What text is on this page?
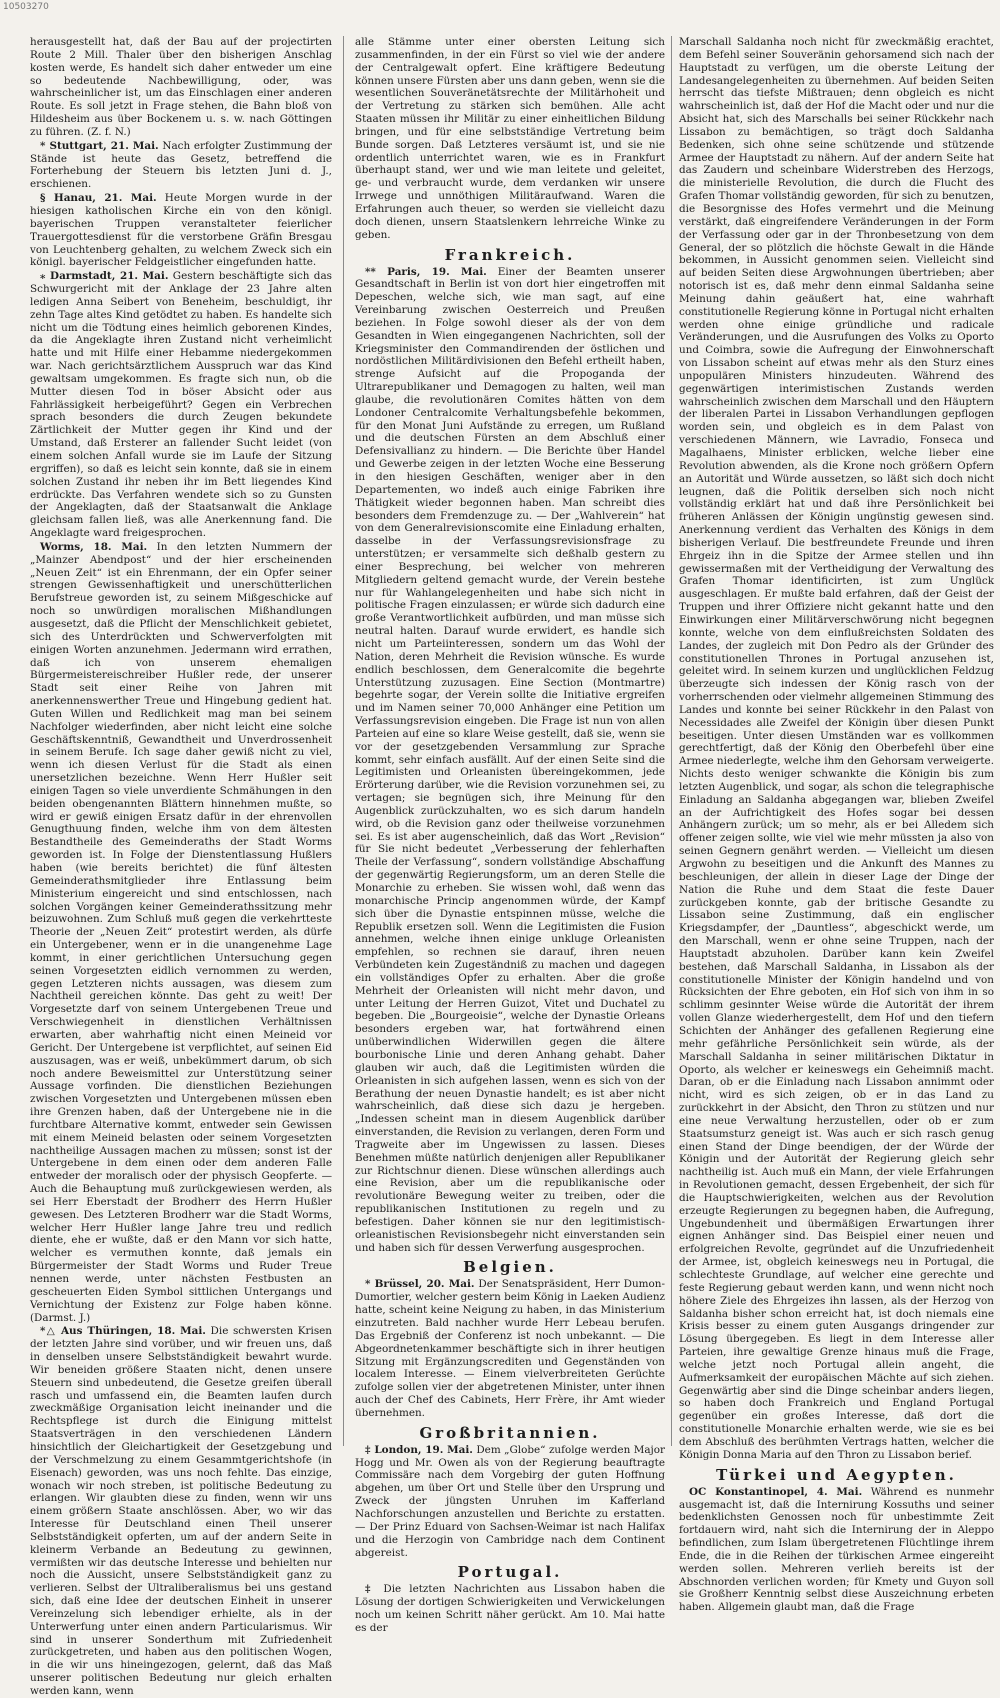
10503270

herausgestellt hat, daß der Bau auf der projectirten Route 2 Mill. Thaler über den bisherigen Anschlag kosten werde, Es handelt sich daher entweder um eine so bedeutende Nachbewilligung, oder, was wahrscheinlicher ist, um das Einschlagen einer anderen Route. Es soll jetzt in Frage stehen, die Bahn bloß von Hildesheim aus über Bockenem u. s. w. nach Göttingen zu führen. (Z. f. N.)

* Stuttgart, 21. Mai. Nach erfolgter Zustimmung der Stände ist heute das Gesetz, betreffend die Forterhebung der Steuern bis letzten Juni d. J., erschienen.

§ Hanau, 21. Mai. Heute Morgen wurde in der hiesigen katholischen Kirche ein von den königl. bayerischen Truppen veranstalteter feierlicher Trauergottesdienst für die verstorbene Gräfin Bresgau von Leuchtenberg gehalten, zu welchem Zweck sich ein königl. bayerischer Feldgeistlicher eingefunden hatte.

⁎ Darmstadt, 21. Mai. Gestern beschäftigte sich das Schwurgericht mit der Anklage der 23 Jahre alten ledigen Anna Seibert von Beneheim, beschuldigt, ihr zehn Tage altes Kind getödtet zu haben. Es handelte sich nicht um die Tödtung eines heimlich geborenen Kindes, da die Angeklagte ihren Zustand nicht verheimlicht hatte und mit Hilfe einer Hebamme niedergekommen war. Nach gerichtsärztlichem Ausspruch war das Kind gewaltsam umgekommen. Es fragte sich nun, ob die Mutter diesen Tod in böser Absicht oder aus Fahrlässigkeit herbeigeführt? Gegen ein Verbrechen sprach besonders die durch Zeugen bekundete Zärtlichkeit der Mutter gegen ihr Kind und der Umstand, daß Ersterer an fallender Sucht leidet (von einem solchen Anfall wurde sie im Laufe der Sitzung ergriffen), so daß es leicht sein konnte, daß sie in einem solchen Zustand ihr neben ihr im Bett liegendes Kind erdrückte. Das Verfahren wendete sich so zu Gunsten der Angeklagten, daß der Staatsanwalt die Anklage gleichsam fallen ließ, was alle Anerkennung fand. Die Angeklagte ward freigesprochen.

Worms, 18. Mai. In den letzten Nummern der „Mainzer Abendpost“ und der hier erscheinenden „Neuen Zeit“ ist ein Ehrenmann, der ein Opfer seiner strengen Gewissenhaftigkeit und unerschütterlichen Berufstreue geworden ist, zu seinem Mißgeschicke auf noch so unwürdigen moralischen Mißhandlungen ausgesetzt, daß die Pflicht der Menschlichkeit gebietet, sich des Unterdrückten und Schwerverfolgten mit einigen Worten anzunehmen. Jedermann wird errathen, daß ich von unserem ehemaligen Bürgermeistereischreiber Hußler rede, der unserer Stadt seit einer Reihe von Jahren mit anerkennenswerther Treue und Hingebung gedient hat. Guten Willen und Redlichkeit mag man bei seinem Nachfolger wiederfinden, aber nicht leicht eine solche Geschäftskenntniß, Gewandtheit und Unverdrossenheit in seinem Berufe. Ich sage daher gewiß nicht zu viel, wenn ich diesen Verlust für die Stadt als einen unersetzlichen bezeichne. Wenn Herr Hußler seit einigen Tagen so viele unverdiente Schmähungen in den beiden obengenannten Blättern hinnehmen mußte, so wird er gewiß einigen Ersatz dafür in der ehrenvollen Genugthuung finden, welche ihm von dem ältesten Bestandtheile des Gemeinderaths der Stadt Worms geworden ist. In Folge der Dienstentlassung Hußlers haben (wie bereits berichtet) die fünf ältesten Gemeinderathsmitglieder ihre Entlassung beim Ministerium eingereicht und sind entschlossen, nach solchen Vorgängen keiner Gemeinderathssitzung mehr beizuwohnen. Zum Schluß muß gegen die verkehrtteste Theorie der „Neuen Zeit“ protestirt werden, als dürfe ein Untergebener, wenn er in die unangenehme Lage kommt, in einer gerichtlichen Untersuchung gegen seinen Vorgesetzten eidlich vernommen zu werden, gegen Letzteren nichts aussagen, was diesem zum Nachtheil gereichen könnte. Das geht zu weit! Der Vorgesetzte darf von seinem Untergebenen Treue und Verschwiegenheit in dienstlichen Verhältnissen erwarten, aber wahrhaftig nicht einen Meineid vor Gericht. Der Untergebene ist verpflichtet, auf seinen Eid auszusagen, was er weiß, unbekümmert darum, ob sich noch andere Beweismittel zur Unterstützung seiner Aussage vorfinden. Die dienstlichen Beziehungen zwischen Vorgesetzten und Untergebenen müssen eben ihre Grenzen haben, daß der Untergebene nie in die furchtbare Alternative kommt, entweder sein Gewissen mit einem Meineid belasten oder seinem Vorgesetzten nachtheilige Aussagen machen zu müssen; sonst ist der Untergebene in dem einen oder dem anderen Falle entweder der moralisch oder der physisch Geopferte. — Auch die Behauptung muß zurückgewiesen werden, als sei Herr Eberstadt der Brodherr des Herrn Hußler gewesen. Des Letzteren Brodherr war die Stadt Worms, welcher Herr Hußler lange Jahre treu und redlich diente, ehe er wußte, daß er den Mann vor sich hatte, welcher es vermuthen konnte, daß jemals ein Bürgermeister der Stadt Worms und Ruder Treue nennen werde, unter nächsten Festbusten an gescheuerten Eiden Symbol sittlichen Untergangs und Vernichtung der Existenz zur Folge haben könne. (Darmst. J.)

*△ Aus Thüringen, 18. Mai. Die schwersten Krisen der letzten Jahre sind vorüber, und wir freuen uns, daß in denselben unsere Selbstständigkeit bewahrt wurde. Wir beneiden größere Staaten nicht, denen unsere Steuern sind unbedeutend, die Gesetze greifen überall rasch und umfassend ein, die Beamten laufen durch zweckmäßige Organisation leicht ineinander und die Rechtspflege ist durch die Einigung mittelst Staatsverträgen in den verschiedenen Ländern hinsichtlich der Gleichartigkeit der Gesetzgebung und der Verschmelzung zu einem Gesammtgerichtshofe (in Eisenach) geworden, was uns noch fehlte. Das einzige, wonach wir noch streben, ist politische Bedeutung zu erlangen. Wir glaubten diese zu finden, wenn wir uns einem größern Staate anschlössen. Aber, wo wir das Interesse für Deutschland einen Theil unserer Selbstständigkeit opferten, um auf der andern Seite in kleinerm Verbande an Bedeutung zu gewinnen, vermißten wir das deutsche Interesse und behielten nur noch die Aussicht, unsere Selbstständigkeit ganz zu verlieren. Selbst der Ultraliberalismus bei uns gestand sich, daß eine Idee der deutschen Einheit in unserer Vereinzelung sich lebendiger erhielte, als in der Unterwerfung unter einen andern Particularismus. Wir sind in unserer Sonderthum mit Zufriedenheit zurückgetreten, und haben aus den politischen Wogen, in die wir uns hineingezogen, gelernt, daß das Maß unserer politischen Bedeutung nur gleich erhalten werden kann, wenn

alle Stämme unter einer obersten Leitung sich zusammenfinden, in der ein Fürst so viel wie der andere der Centralgewalt opfert. Eine kräftigere Bedeutung können unsere Fürsten aber uns dann geben, wenn sie die wesentlichen Souveränetätsrechte der Militärhoheit und der Vertretung zu stärken sich bemühen. Alle acht Staaten müssen ihr Militär zu einer einheitlichen Bildung bringen, und für eine selbstständige Vertretung beim Bunde sorgen. Daß Letzteres versäumt ist, und sie nie ordentlich unterrichtet waren, wie es in Frankfurt überhaupt stand, wer und wie man leitete und geleitet, ge- und verbraucht wurde, dem verdanken wir unsere Irrwege und unnöthigen Militäraufwand. Waren die Erfahrungen auch theuer, so werden sie vielleicht dazu doch dienen, unsern Staatslenkern lehrreiche Winke zu geben.

Frankreich.

** Paris, 19. Mai. Einer der Beamten unserer Gesandtschaft in Berlin ist von dort hier eingetroffen mit Depeschen, welche sich, wie man sagt, auf eine Vereinbarung zwischen Oesterreich und Preußen beziehen. In Folge sowohl dieser als der von dem Gesandten in Wien eingegangenen Nachrichten, soll der Kriegsminister den Commandirenden der östlichen und nordöstlichen Militärdivisionen den Befehl ertheilt haben, strenge Aufsicht auf die Propoganda der Ultrarepublikaner und Demagogen zu halten, weil man glaube, die revolutionären Comites hätten von dem Londoner Centralcomite Verhaltungsbefehle bekommen, für den Monat Juni Aufstände zu erregen, um Rußland und die deutschen Fürsten an dem Abschluß einer Defensivallianz zu hindern. — Die Berichte über Handel und Gewerbe zeigen in der letzten Woche eine Besserung in den hiesigen Geschäften, weniger aber in den Departementen, wo indeß auch einige Fabriken ihre Thätigkeit wieder begonnen haben. Man schreibt dies besonders dem Fremdenzuge zu. — Der „Wahlverein“ hat von dem Generalrevisionscomite eine Einladung erhalten, dasselbe in der Verfassungsrevisionsfrage zu unterstützen; er versammelte sich deßhalb gestern zu einer Besprechung, bei welcher von mehreren Mitgliedern geltend gemacht wurde, der Verein bestehe nur für Wahlangelegenheiten und habe sich nicht in politische Fragen einzulassen; er würde sich dadurch eine große Verantwortlichkeit aufbürden, und man müsse sich neutral halten. Darauf wurde erwidert, es handle sich nicht um Parteiinteressen, sondern um das Wohl der Nation, deren Mehrheit die Revision wünsche. Es wurde endlich beschlossen, dem Generalcomite die begehrte Unterstützung zuzusagen. Eine Section (Montmartre) begehrte sogar, der Verein sollte die Initiative ergreifen und im Namen seiner 70,000 Anhänger eine Petition um Verfassungsrevision eingeben. Die Frage ist nun von allen Parteien auf eine so klare Weise gestellt, daß sie, wenn sie vor der gesetzgebenden Versammlung zur Sprache kommt, sehr einfach ausfällt. Auf der einen Seite sind die Legitimisten und Orleanisten übereingekommen, jede Erörterung darüber, wie die Revision vorzunehmen sei, zu vertagen; sie begnügen sich, ihre Meinung für den Augenblick zurückzuhalten, wo es sich darum handeln wird, ob die Revision ganz oder theilweise vorzunehmen sei. Es ist aber augenscheinlich, daß das Wort „Revision“ für Sie nicht bedeutet „Verbesserung der fehlerhaften Theile der Verfassung“, sondern vollständige Abschaffung der gegenwärtig Regierungsform, um an deren Stelle die Monarchie zu erheben. Sie wissen wohl, daß wenn das monarchische Princip angenommen würde, der Kampf sich über die Dynastie entspinnen müsse, welche die Republik ersetzen soll. Wenn die Legitimisten die Fusion annehmen, welche ihnen einige unkluge Orleanisten empfehlen, so rechnen sie darauf, ihren neuen Verbündeten kein Zugeständniß zu machen und dagegen ein vollständiges Opfer zu erhalten. Aber die große Mehrheit der Orleanisten will nicht mehr davon, und unter Leitung der Herren Guizot, Vitet und Duchatel zu begeben. Die „Bourgeoisie“, welche der Dynastie Orleans besonders ergeben war, hat fortwährend einen unüberwindlichen Widerwillen gegen die ältere bourbonische Linie und deren Anhang gehabt. Daher glauben wir auch, daß die Legitimisten würden die Orleanisten in sich aufgehen lassen, wenn es sich von der Berathung der neuen Dynastie handelt; es ist aber nicht wahrscheinlich, daß diese sich dazu je hergeben. „Indessen scheint man in diesem Augenblick darüber einverstanden, die Revision zu verlangen, deren Form und Tragweite aber im Ungewissen zu lassen. Dieses Benehmen müßte natürlich denjenigen aller Republikaner zur Richtschnur dienen. Diese wünschen allerdings auch eine Revision, aber um die republikanische oder revolutionäre Bewegung weiter zu treiben, oder die republikanischen Institutionen zu regeln und zu befestigen. Daher können sie nur den legitimistisch-orleanistischen Revisionsbegehr nicht einverstanden sein und haben sich für dessen Verwerfung ausgesprochen.

Belgien.

* Brüssel, 20. Mai. Der Senatspräsident, Herr Dumon-Dumortier, welcher gestern beim König in Laeken Audienz hatte, scheint keine Neigung zu haben, in das Ministerium einzutreten. Bald nachher wurde Herr Lebeau berufen. Das Ergebniß der Conferenz ist noch unbekannt. — Die Abgeordnetenkammer beschäftigte sich in ihrer heutigen Sitzung mit Ergänzungscrediten und Gegenständen von localem Interesse. — Einem vielverbreiteten Gerüchte zufolge sollen vier der abgetretenen Minister, unter ihnen auch der Chef des Cabinets, Herr Frère, ihr Amt wieder übernehmen.

Großbritannien.

‡ London, 19. Mai. Dem „Globe“ zufolge werden Major Hogg und Mr. Owen als von der Regierung beauftragte Commissäre nach dem Vorgebirg der guten Hoffnung abgehen, um über Ort und Stelle über den Ursprung und Zweck der jüngsten Unruhen im Kafferland Nachforschungen anzustellen und Berichte zu erstatten. — Der Prinz Eduard von Sachsen-Weimar ist nach Halifax und die Herzogin von Cambridge nach dem Continent abgereist.

Portugal.

‡ Die letzten Nachrichten aus Lissabon haben die Lösung der dortigen Schwierigkeiten und Verwickelungen noch um keinen Schritt näher gerückt. Am 10. Mai hatte es der

Marschall Saldanha noch nicht für zweckmäßig erachtet, dem Befehl seiner Souveränin gehorsamend sich nach der Hauptstadt zu verfügen, um die oberste Leitung der Landesangelegenheiten zu übernehmen. Auf beiden Seiten herrscht das tiefste Mißtrauen; denn obgleich es nicht wahrscheinlich ist, daß der Hof die Macht oder und nur die Absicht hat, sich des Marschalls bei seiner Rückkehr nach Lissabon zu bemächtigen, so trägt doch Saldanha Bedenken, sich ohne seine schützende und stützende Armee der Hauptstadt zu nähern. Auf der andern Seite hat das Zaudern und scheinbare Widerstreben des Herzogs, die ministerielle Revolution, die durch die Flucht des Grafen Thomar vollständig geworden, für sich zu benutzen, die Besorgnisse des Hofes vermehrt und die Meinung verstärkt, daß eingreifendere Veränderungen in der Form der Verfassung oder gar in der Thronbesetzung von dem General, der so plötzlich die höchste Gewalt in die Hände bekommen, in Aussicht genommen seien. Vielleicht sind auf beiden Seiten diese Argwohnungen übertrieben; aber notorisch ist es, daß mehr denn einmal Saldanha seine Meinung dahin geäußert hat, eine wahrhaft constitutionelle Regierung könne in Portugal nicht erhalten werden ohne einige gründliche und radicale Veränderungen, und die Ausrufungen des Volks zu Oporto und Coimbra, sowie die Aufregung der Einwohnerschaft von Lissabon scheint auf etwas mehr als den Sturz eines unpopulären Ministers hinzudeuten. Während des gegenwärtigen interimistischen Zustands werden wahrscheinlich zwischen dem Marschall und den Häuptern der liberalen Partei in Lissabon Verhandlungen gepflogen worden sein, und obgleich es in dem Palast von verschiedenen Männern, wie Lavradio, Fonseca und Magalhaens, Minister erblicken, welche lieber eine Revolution abwenden, als die Krone noch größern Opfern an Autorität und Würde aussetzen, so läßt sich doch nicht leugnen, daß die Politik derselben sich noch nicht vollständig erklärt hat und daß ihre Persönlichkeit bei früheren Anlässen der Königin ungünstig gewesen sind. Anerkennung verdient das Verhalten des Königs in dem bisherigen Verlauf. Die bestfreundete Freunde und ihren Ehrgeiz ihn in die Spitze der Armee stellen und ihn gewissermaßen mit der Vertheidigung der Verwaltung des Grafen Thomar identificirten, ist zum Unglück ausgeschlagen. Er mußte bald erfahren, daß der Geist der Truppen und ihrer Offiziere nicht gekannt hatte und den Einwirkungen einer Militärverschwörung nicht begegnen konnte, welche von dem einflußreichsten Soldaten des Landes, der zugleich mit Don Pedro als der Gründer des constitutionellen Thrones in Portugal anzusehen ist, geleitet wird. In seinem kurzen und unglücklichen Feldzug überzeugte sich indessen der König rasch von der vorherrschenden oder vielmehr allgemeinen Stimmung des Landes und konnte bei seiner Rückkehr in den Palast von Necessidades alle Zweifel der Königin über diesen Punkt beseitigen. Unter diesen Umständen war es vollkommen gerechtfertigt, daß der König den Oberbefehl über eine Armee niederlegte, welche ihm den Gehorsam verweigerte. Nichts desto weniger schwankte die Königin bis zum letzten Augenblick, und sogar, als schon die telegraphische Einladung an Saldanha abgegangen war, blieben Zweifel an der Aufrichtigkeit des Hofes sogar bei dessen Anhängern zurück; um so mehr, als er bei Alledem sich offener zeigen sollte, wie viel wie mehr müssten ja also von seinen Gegnern genährt werden. — Vielleicht um diesen Argwohn zu beseitigen und die Ankunft des Mannes zu beschleunigen, der allein in dieser Lage der Dinge der Nation die Ruhe und dem Staat die feste Dauer zurückgeben konnte, gab der britische Gesandte zu Lissabon seine Zustimmung, daß ein englischer Kriegsdampfer, der „Dauntless“, abgeschickt werde, um den Marschall, wenn er ohne seine Truppen, nach der Hauptstadt abzuholen. Darüber kann kein Zweifel bestehen, daß Marschall Saldanha, in Lissabon als der constitutionelle Minister der Königin handelnd und von Rücksichten der Ehre geboten, ein Hof sich von ihm in so schlimm gesinnter Weise würde die Autorität der ihrem vollen Glanze wiederhergestellt, dem Hof und den tiefern Schichten der Anhänger des gefallenen Regierung eine mehr gefährliche Persönlichkeit sein würde, als der Marschall Saldanha in seiner militärischen Diktatur in Oporto, als welcher er keineswegs ein Geheimniß macht. Daran, ob er die Einladung nach Lissabon annimmt oder nicht, wird es sich zeigen, ob er in das Land zu zurückkehrt in der Absicht, den Thron zu stützen und nur eine neue Verwaltung herzustellen, oder ob er zum Staatsumsturz geneigt ist. Was auch er sich rasch genug einen Stand der Dinge beendigen, der der Würde der Königin und der Autorität der Regierung gleich sehr nachtheilig ist. Auch muß ein Mann, der viele Erfahrungen in Revolutionen gemacht, dessen Ergebenheit, der sich für die Hauptschwierigkeiten, welchen aus der Revolution erzeugte Regierungen zu begegnen haben, die Aufregung, Ungebundenheit und übermäßigen Erwartungen ihrer eignen Anhänger sind. Das Beispiel einer neuen und erfolgreichen Revolte, gegründet auf die Unzufriedenheit der Armee, ist, obgleich keineswegs neu in Portugal, die schlechteste Grundlage, auf welcher eine gerechte und feste Regierung gebaut werden kann, und wenn nicht noch höhere Ziele des Ehrgeizes ihn lassen, als der Herzog von Saldanha bisher schon erreicht hat, ist doch niemals eine Krisis besser zu einem guten Ausgangs dringender zur Lösung übergegeben. Es liegt in dem Interesse aller Parteien, ihre gewaltige Grenze hinaus muß die Frage, welche jetzt noch Portugal allein angeht, die Aufmerksamkeit der europäischen Mächte auf sich ziehen. Gegenwärtig aber sind die Dinge scheinbar anders liegen, so haben doch Frankreich und England Portugal gegenüber ein großes Interesse, daß dort die constitutionelle Monarchie erhalten werde, wie sie es bei dem Abschluß des berühmten Vertrags hatten, welcher die Königin Donna Maria auf den Thron zu Lissabon berief.

Türkei und Aegypten.

OC Konstantinopel, 4. Mai. Während es nunmehr ausgemacht ist, daß die Internirung Kossuths und seiner bedenklichsten Genossen noch für unbestimmte Zeit fortdauern wird, naht sich die Internirung der in Aleppo befindlichen, zum Islam übergetretenen Flüchtlinge ihrem Ende, die in die Reihen der türkischen Armee eingereiht werden sollen. Mehreren verlieh bereits ist der Abschnorden verlichen worden; für Kmety und Guyon soll sie Großherr Kenntnig selbst diese Auszeichnung erbeten haben. Allgemein glaubt man, daß die Frage
